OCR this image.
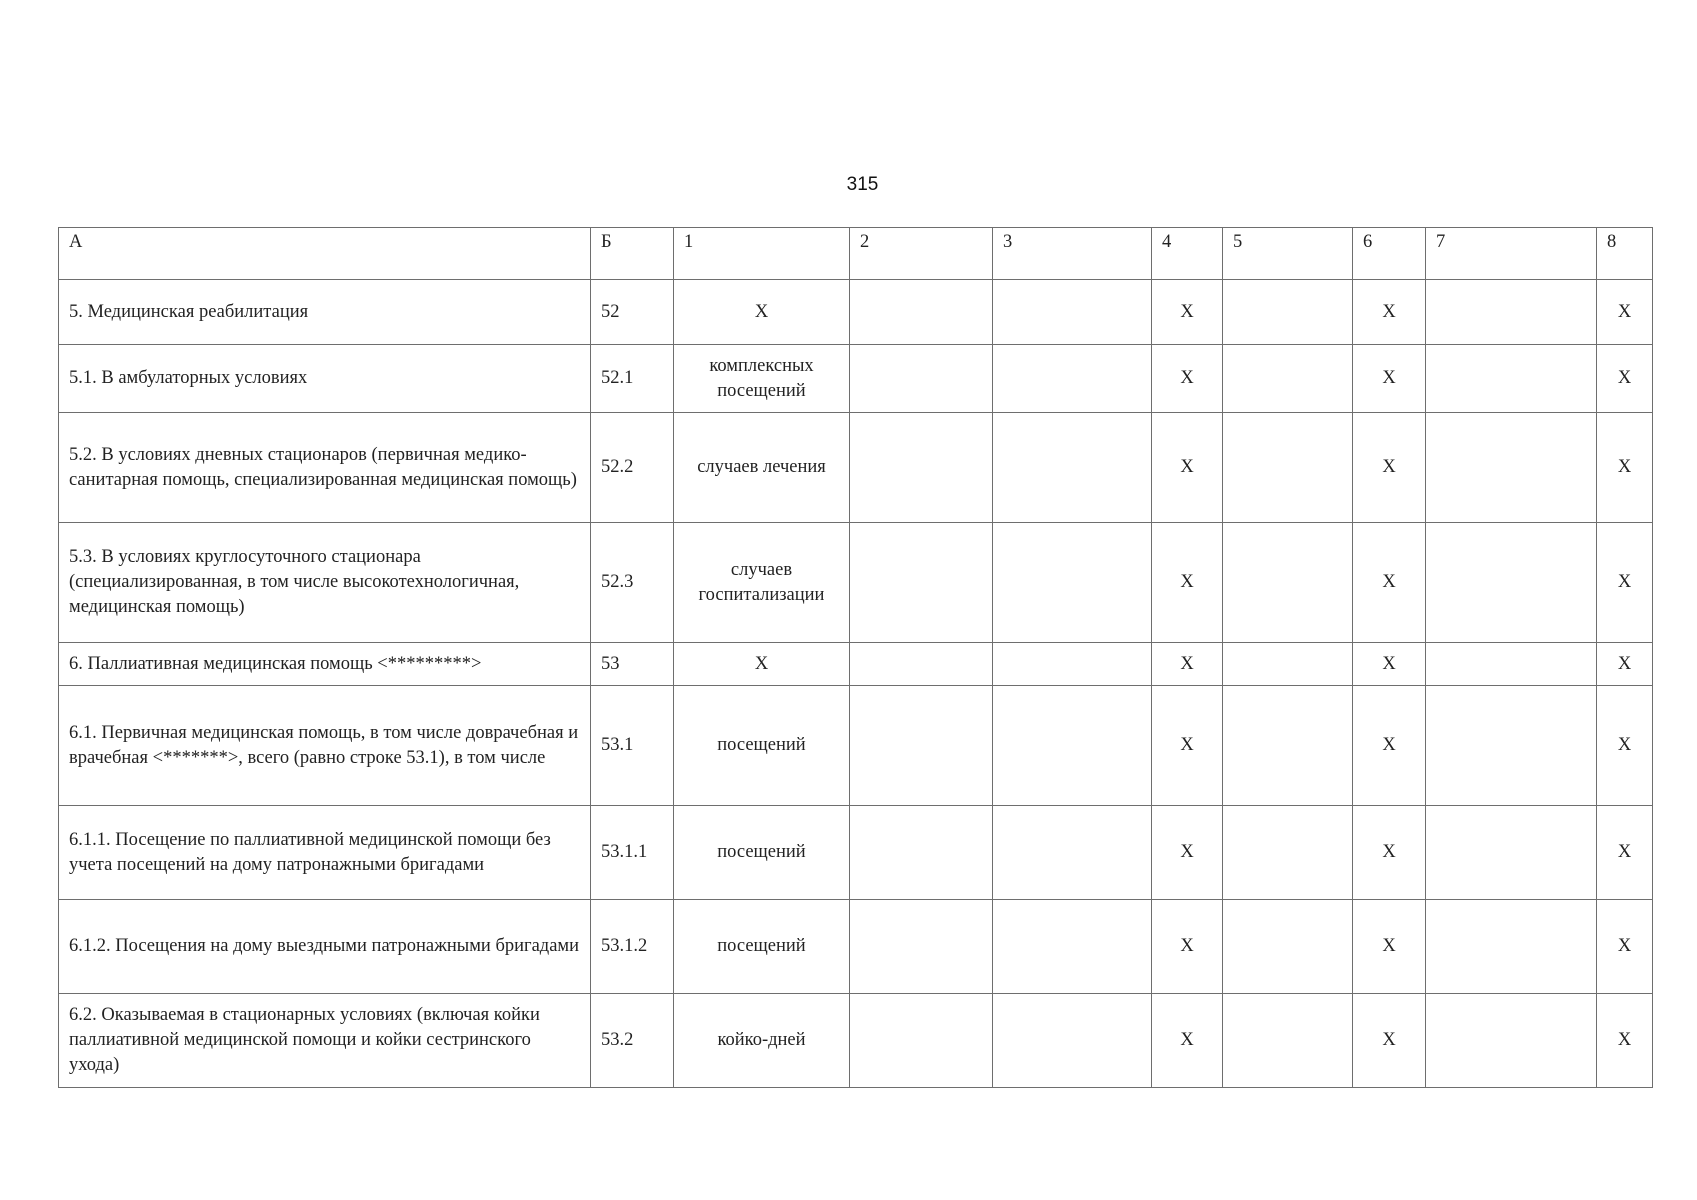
315
А	Б	1	2	3	4	5	6	7	8
5. Медицинская реабилитация	52	Х			Х		Х		Х
5.1. В амбулаторных условиях	52.1	комплексных посещений			Х		Х		Х
5.2. В условиях дневных стационаров (первичная медико-санитарная помощь, специализированная медицинская помощь)	52.2	случаев лечения			Х		Х		Х
5.3. В условиях круглосуточного стационара (специализированная, в том числе высокотехнологичная, медицинская помощь)	52.3	случаев госпитализации			Х		Х		Х
6. Паллиативная медицинская помощь <*********>	53	Х			Х		Х		Х
6.1. Первичная медицинская помощь, в том числе доврачебная и врачебная <*******>, всего (равно строке 53.1), в том числе	53.1	посещений			Х		Х		Х
6.1.1. Посещение по паллиативной медицинской помощи без учета посещений на дому патронажными бригадами	53.1.1	посещений			Х		Х		Х
6.1.2. Посещения на дому выездными патронажными бригадами	53.1.2	посещений			Х		Х		Х
6.2. Оказываемая в стационарных условиях (включая койки паллиативной медицинской помощи и койки сестринского ухода)	53.2	койко-дней			Х		Х		Х
